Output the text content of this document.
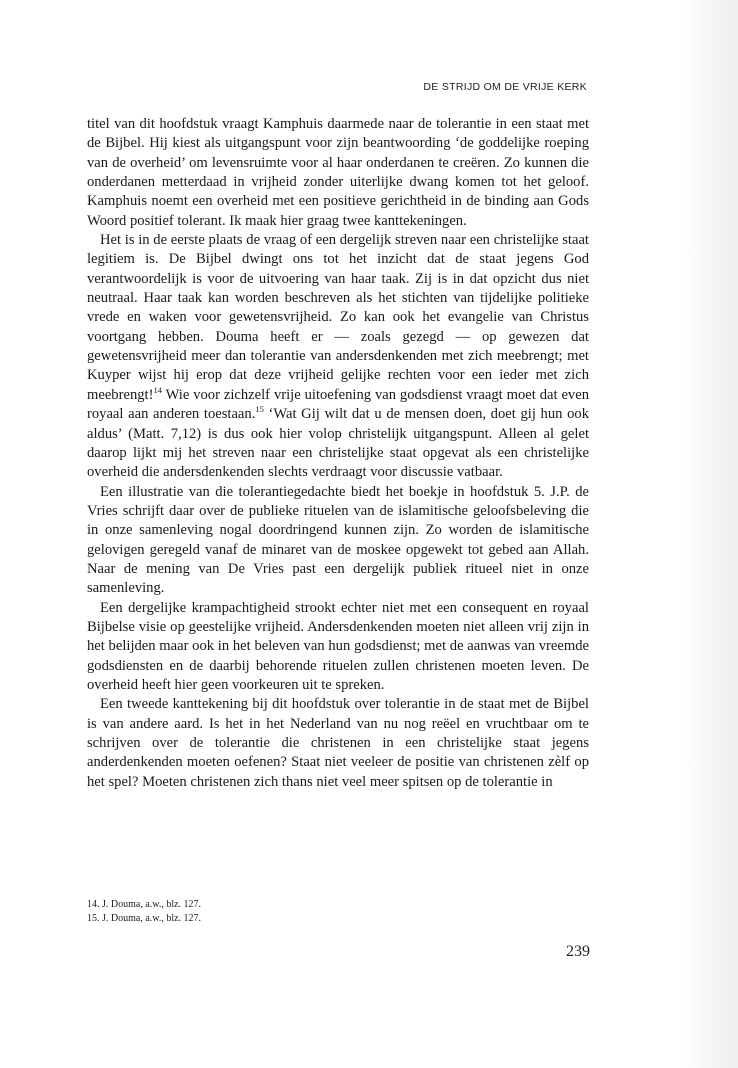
DE STRIJD OM DE VRIJE KERK

titel van dit hoofdstuk vraagt Kamphuis daarmede naar de tolerantie in een staat met de Bijbel. Hij kiest als uitgangspunt voor zijn beantwoording ‘de goddelijke roeping van de overheid’ om levensruimte voor al haar onderdanen te creëren. Zo kunnen die onderdanen metterdaad in vrijheid zonder uiterlijke dwang komen tot het geloof. Kamphuis noemt een overheid met een positieve gerichtheid in de binding aan Gods Woord positief tolerant. Ik maak hier graag twee kanttekeningen.

Het is in de eerste plaats de vraag of een dergelijk streven naar een christelijke staat legitiem is. De Bijbel dwingt ons tot het inzicht dat de staat jegens God verantwoordelijk is voor de uitvoering van haar taak. Zij is in dat opzicht dus niet neutraal. Haar taak kan worden beschreven als het stichten van tijdelijke politieke vrede en waken voor gewetensvrijheid. Zo kan ook het evangelie van Christus voortgang hebben. Douma heeft er — zoals gezegd — op gewezen dat gewetensvrijheid meer dan tolerantie van andersdenkenden met zich meebrengt; met Kuyper wijst hij erop dat deze vrijheid gelijke rechten voor een ieder met zich meebrengt!$^{14}$ Wie voor zichzelf vrije uitoefening van godsdienst vraagt moet dat even royaal aan anderen toestaan.$^{15}$ ‘Wat Gij wilt dat u de mensen doen, doet gij hun ook aldus’ (Matt. 7,12) is dus ook hier volop christelijk uitgangspunt. Alleen al gelet daarop lijkt mij het streven naar een christelijke staat opgevat als een christelijke overheid die andersdenkenden slechts verdraagt voor discussie vatbaar.

Een illustratie van die tolerantiegedachte biedt het boekje in hoofdstuk 5. J.P. de Vries schrijft daar over de publieke rituelen van de islamitische geloofsbeleving die in onze samenleving nogal doordringend kunnen zijn. Zo worden de islamitische gelovigen geregeld vanaf de minaret van de moskee opgewekt tot gebed aan Allah. Naar de mening van De Vries past een dergelijk publiek ritueel niet in onze samenleving.

Een dergelijke krampachtigheid strookt echter niet met een consequent en royaal Bijbelse visie op geestelijke vrijheid. Andersdenkenden moeten niet alleen vrij zijn in het belijden maar ook in het beleven van hun godsdienst; met de aanwas van vreemde godsdiensten en de daarbij behorende rituelen zullen christenen moeten leven. De overheid heeft hier geen voorkeuren uit te spreken.

Een tweede kanttekening bij dit hoofdstuk over tolerantie in de staat met de Bijbel is van andere aard. Is het in het Nederland van nu nog reëel en vruchtbaar om te schrijven over de tolerantie die christenen in een christelijke staat jegens anderdenkenden moeten oefenen? Staat niet veeleer de positie van christenen zèlf op het spel? Moeten christenen zich thans niet veel meer spitsen op de tolerantie in

14. J. Douma, a.w., blz. 127.
15. J. Douma, a.w., blz. 127.
239
